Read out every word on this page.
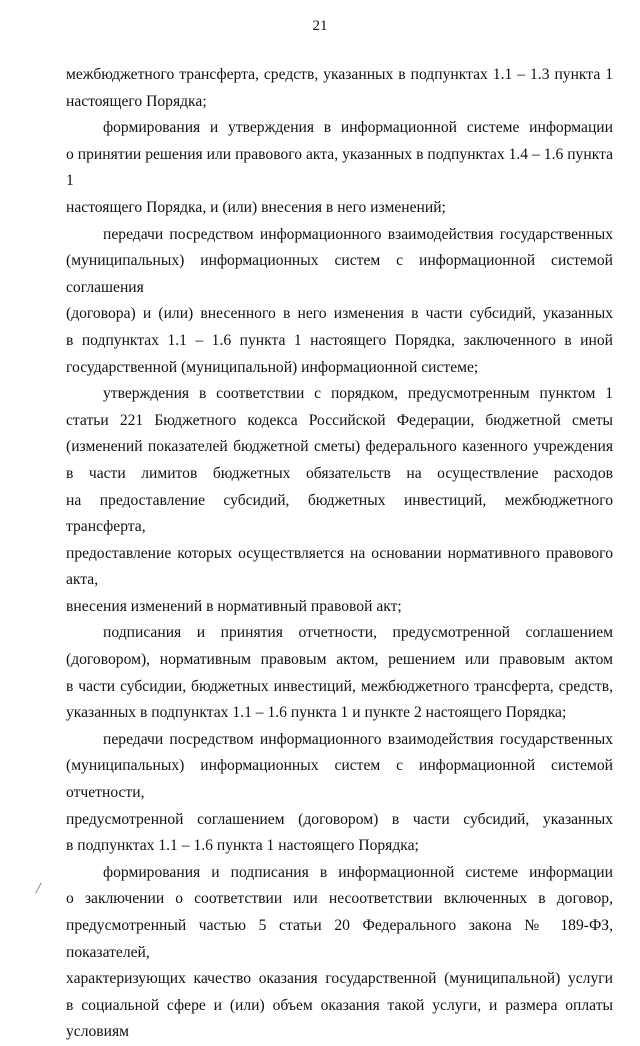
21
межбюджетного трансферта, средств, указанных в подпунктах 1.1 – 1.3 пункта 1
настоящего Порядка;
формирования и утверждения в информационной системе информации
о принятии решения или правового акта, указанных в подпунктах 1.4 – 1.6 пункта 1
настоящего Порядка, и (или) внесения в него изменений;
передачи посредством информационного взаимодействия государственных
(муниципальных) информационных систем с информационной системой соглашения
(договора) и (или) внесенного в него изменения в части субсидий, указанных
в подпунктах 1.1 – 1.6 пункта 1 настоящего Порядка, заключенного в иной
государственной (муниципальной) информационной системе;
утверждения в соответствии с порядком, предусмотренным пунктом 1
статьи 221 Бюджетного кодекса Российской Федерации, бюджетной сметы
(изменений показателей бюджетной сметы) федерального казенного учреждения
в части лимитов бюджетных обязательств на осуществление расходов
на предоставление субсидий, бюджетных инвестиций, межбюджетного трансферта,
предоставление которых осуществляется на основании нормативного правового акта,
внесения изменений в нормативный правовой акт;
подписания и принятия отчетности, предусмотренной соглашением
(договором), нормативным правовым актом, решением или правовым актом
в части субсидии, бюджетных инвестиций, межбюджетного трансферта, средств,
указанных в подпунктах 1.1 – 1.6 пункта 1 и пункте 2 настоящего Порядка;
передачи посредством информационного взаимодействия государственных
(муниципальных) информационных систем с информационной системой отчетности,
предусмотренной соглашением (договором) в части субсидий, указанных
в подпунктах 1.1 – 1.6 пункта 1 настоящего Порядка;
формирования и подписания в информационной системе информации
о заключении о соответствии или несоответствии включенных в договор,
предусмотренный частью 5 статьи 20 Федерального закона № 189-ФЗ, показателей,
характеризующих качество оказания государственной (муниципальной) услуги
в социальной сфере и (или) объем оказания такой услуги, и размера оплаты условиям
